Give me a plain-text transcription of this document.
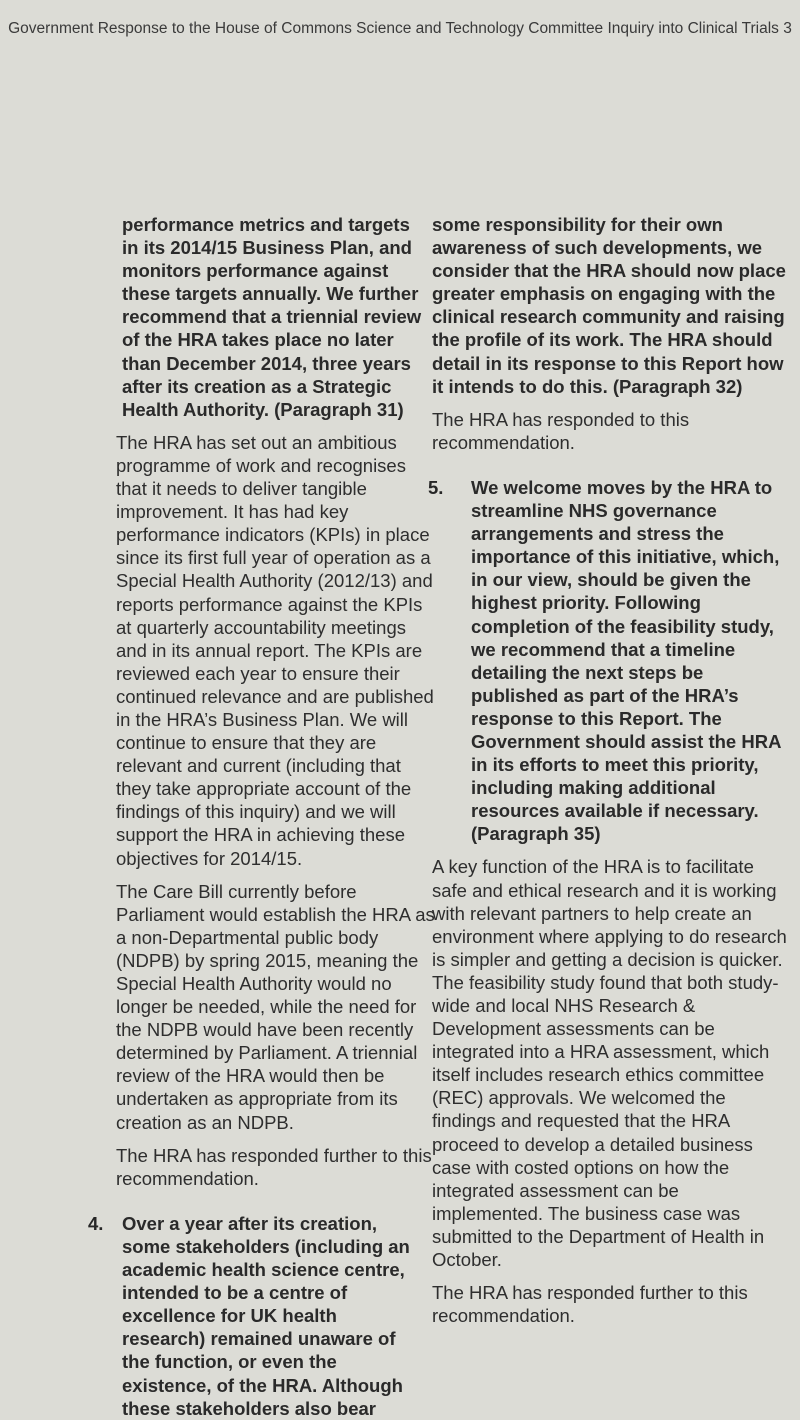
Government Response to the House of Commons Science and Technology Committee Inquiry into Clinical Trials 3

performance metrics and targets in its 2014/15 Business Plan, and monitors performance against these targets annually. We further recommend that a triennial review of the HRA takes place no later than December 2014, three years after its creation as a Strategic Health Authority. (Paragraph 31)

The HRA has set out an ambitious programme of work and recognises that it needs to deliver tangible improvement. It has had key performance indicators (KPIs) in place since its first full year of operation as a Special Health Authority (2012/13) and reports performance against the KPIs at quarterly accountability meetings and in its annual report. The KPIs are reviewed each year to ensure their continued relevance and are published in the HRA’s Business Plan. We will continue to ensure that they are relevant and current (including that they take appropriate account of the findings of this inquiry) and we will support the HRA in achieving these objectives for 2014/15.

The Care Bill currently before Parliament would establish the HRA as a non-Departmental public body (NDPB) by spring 2015, meaning the Special Health Authority would no longer be needed, while the need for the NDPB would have been recently determined by Parliament. A triennial review of the HRA would then be undertaken as appropriate from its creation as an NDPB.

The HRA has responded further to this recommendation.

4. Over a year after its creation, some stakeholders (including an academic health science centre, intended to be a centre of excellence for UK health research) remained unaware of the function, or even the existence, of the HRA. Although these stakeholders also bear

some responsibility for their own awareness of such developments, we consider that the HRA should now place greater emphasis on engaging with the clinical research community and raising the profile of its work. The HRA should detail in its response to this Report how it intends to do this. (Paragraph 32)

The HRA has responded to this recommendation.

5. We welcome moves by the HRA to streamline NHS governance arrangements and stress the importance of this initiative, which, in our view, should be given the highest priority. Following completion of the feasibility study, we recommend that a timeline detailing the next steps be published as part of the HRA’s response to this Report. The Government should assist the HRA in its efforts to meet this priority, including making additional resources available if necessary. (Paragraph 35)

A key function of the HRA is to facilitate safe and ethical research and it is working with relevant partners to help create an environment where applying to do research is simpler and getting a decision is quicker. The feasibility study found that both study-wide and local NHS Research & Development assessments can be integrated into a HRA assessment, which itself includes research ethics committee (REC) approvals. We welcomed the findings and requested that the HRA proceed to develop a detailed business case with costed options on how the integrated assessment can be implemented. The business case was submitted to the Department of Health in October.

The HRA has responded further to this recommendation.
